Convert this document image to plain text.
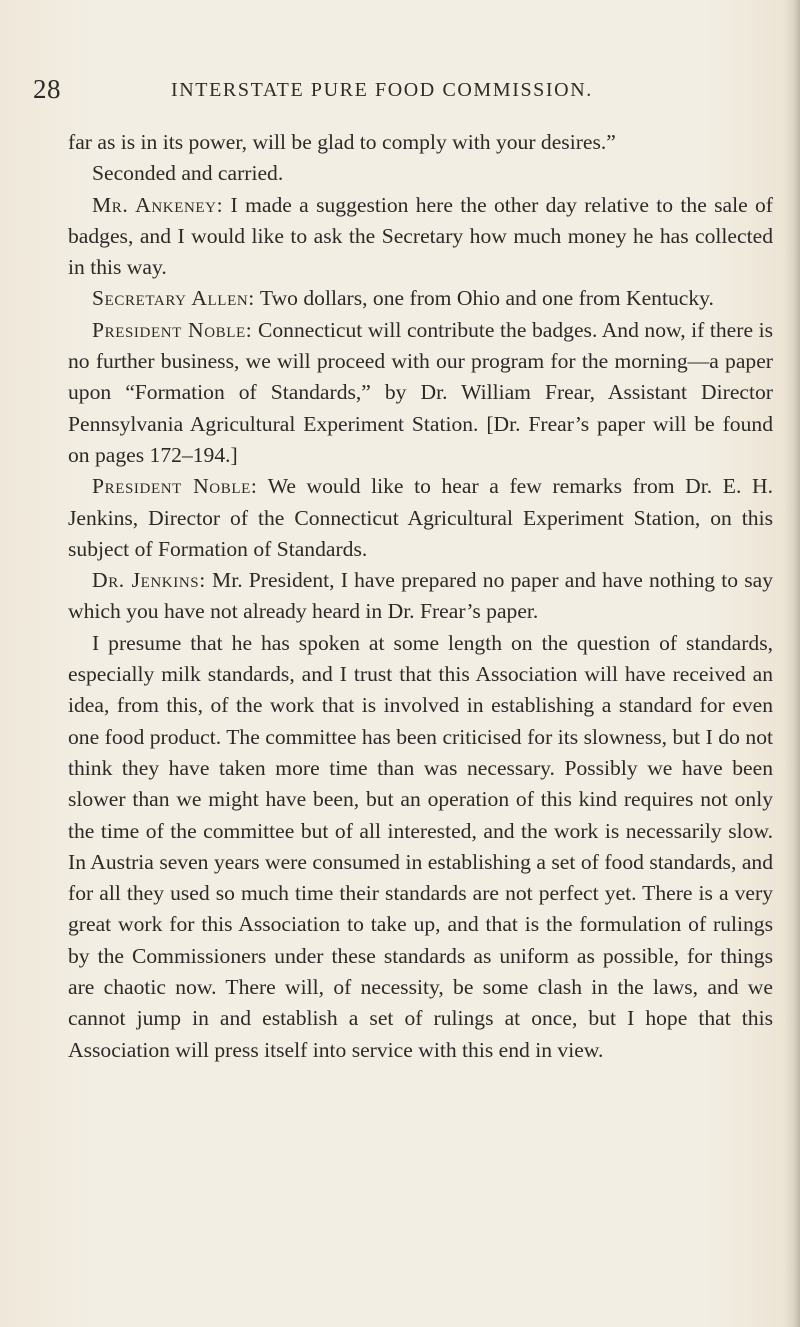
28	INTERSTATE PURE FOOD COMMISSION.

far as is in its power, will be glad to comply with your desires.”

Seconded and carried.

Mr. Ankeney: I made a suggestion here the other day relative to the sale of badges, and I would like to ask the Secretary how much money he has collected in this way.

Secretary Allen: Two dollars, one from Ohio and one from Kentucky.

President Noble: Connecticut will contribute the badges. And now, if there is no further business, we will proceed with our program for the morning—a paper upon “Formation of Standards,” by Dr. William Frear, Assistant Director Pennsylvania Agricultural Experiment Station. [Dr. Frear’s paper will be found on pages 172–194.]

President Noble: We would like to hear a few remarks from Dr. E. H. Jenkins, Director of the Connecticut Agricultural Experiment Station, on this subject of Formation of Standards.

Dr. Jenkins: Mr. President, I have prepared no paper and have nothing to say which you have not already heard in Dr. Frear’s paper.

I presume that he has spoken at some length on the question of standards, especially milk standards, and I trust that this Association will have received an idea, from this, of the work that is involved in establishing a standard for even one food product. The committee has been criticised for its slowness, but I do not think they have taken more time than was necessary. Possibly we have been slower than we might have been, but an operation of this kind requires not only the time of the committee but of all interested, and the work is necessarily slow. In Austria seven years were consumed in establishing a set of food standards, and for all they used so much time their standards are not perfect yet. There is a very great work for this Association to take up, and that is the formulation of rulings by the Commissioners under these standards as uniform as possible, for things are chaotic now. There will, of necessity, be some clash in the laws, and we cannot jump in and establish a set of rulings at once, but I hope that this Association will press itself into service with this end in view.
